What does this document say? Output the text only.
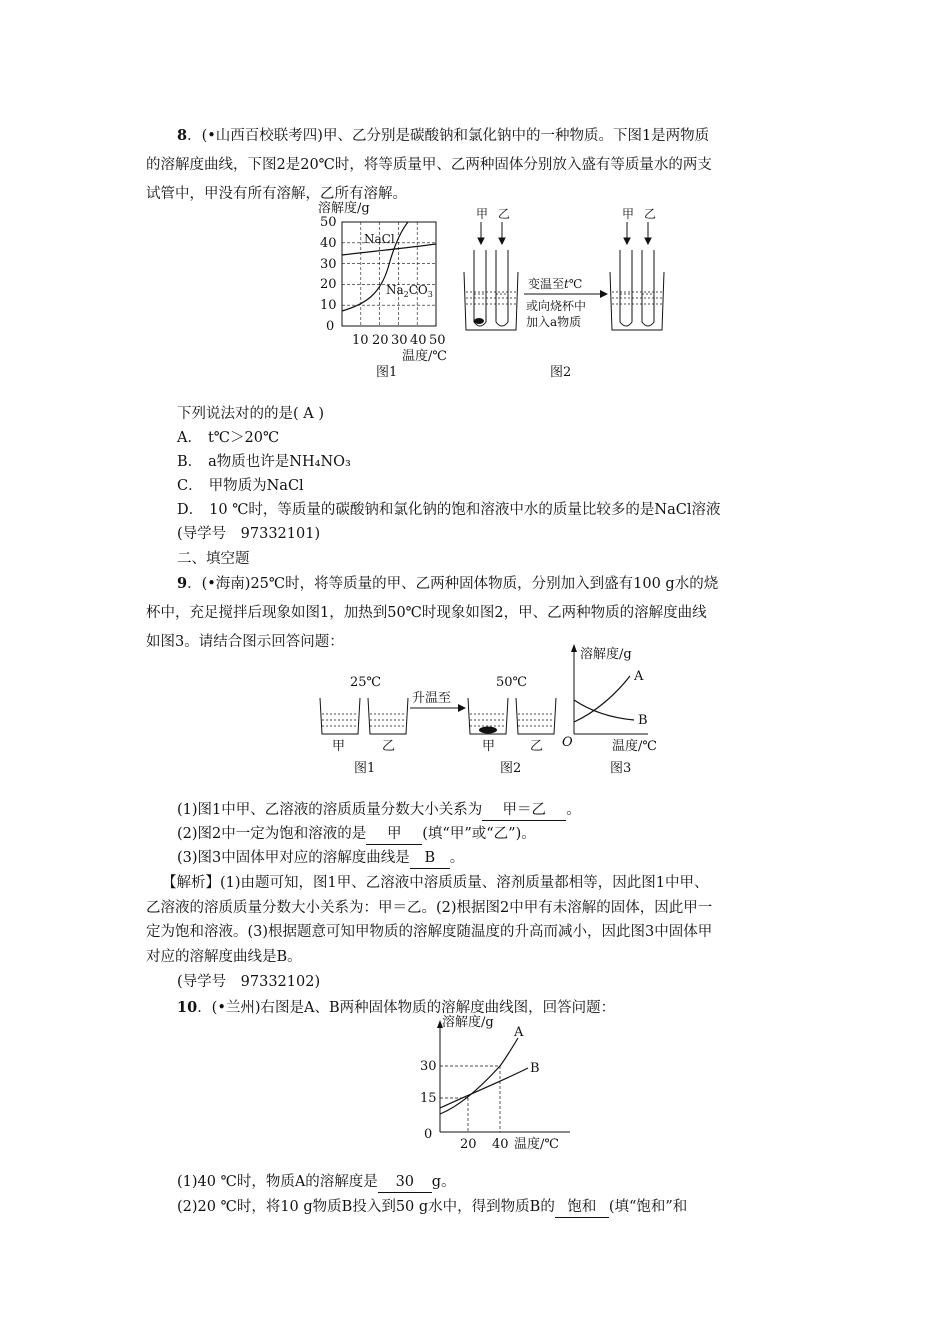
8．(•山西百校联考四)甲、乙分别是碳酸钠和氯化钠中的一种物质。下图1是两物质
的溶解度曲线，下图2是20℃时，将等质量甲、乙两种固体分别放入盛有等质量水的两支
试管中，甲没有所有溶解，乙所有溶解。
溶解度/g
0
10
20
30
40
50
NaCl
$Na_2CO_3$
10 20 30 40 50
温度/℃
图1
甲 乙
变温至t℃
或向烧杯中
加入a物质
甲 乙
图2
下列说法对的的是( A )
A． t℃＞20℃
B． a物质也许是NH₄NO₃
C． 甲物质为NaCl
D． 10 ℃时，等质量的碳酸钠和氯化钠的饱和溶液中水的质量比较多的是NaCl溶液
(导学号　97332101)
二、填空题
9．(•海南)25℃时，将等质量的甲、乙两种固体物质，分别加入到盛有100 g水的烧
杯中，充足搅拌后现象如图1，加热到50℃时现象如图2，甲、乙两种物质的溶解度曲线
如图3。请结合图示回答问题：
25℃
甲	乙
图1
升温至
50℃
甲	乙
图2
溶解度/g
A
B
O	温度/℃
图3
(1)图1中甲、乙溶液的溶质质量分数大小关系为 甲＝乙 。
(2)图2中一定为饱和溶液的是 甲 (填“甲”或“乙”)。
(3)图3中固体甲对应的溶解度曲线是 B 。
【解析】(1)由题可知，图1甲、乙溶液中溶质质量、溶剂质量都相等，因此图1中甲、
乙溶液的溶质质量分数大小关系为：甲＝乙。(2)根据图2中甲有未溶解的固体，因此甲一
定为饱和溶液。(3)根据题意可知甲物质的溶解度随温度的升高而减小，因此图3中固体甲
对应的溶解度曲线是B。
(导学号　97332102)
10．(•兰州)右图是A、B两种固体物质的溶解度曲线图，回答问题：
溶解度/g
A
B
0
15
30
20 40 温度/℃
(1)40 ℃时，物质A的溶解度是 30 g。
(2)20 ℃时，将10 g物质B投入到50 g水中，得到物质B的 饱和 (填“饱和”和
